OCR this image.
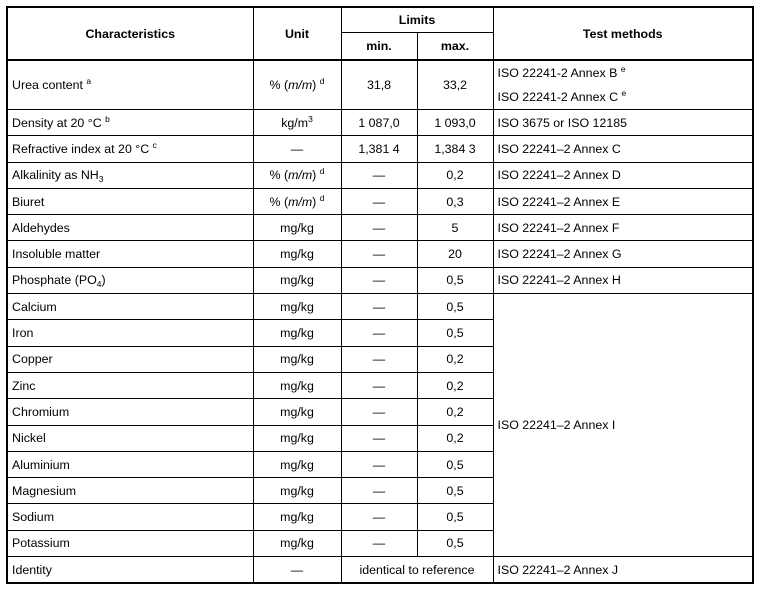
Characteristics	Unit	Limits		Test methods
		min.	max.	
Urea content $^a$	% (m/m) $^d$	31,8	33,2	ISO 22241-2 Annex B $^e$
ISO 22241-2 Annex C $^e$

Density at 20 °C $^b$	$kg/m^3$	1 087,0	1 093,0	ISO 3675 or ISO 12185
Refractive index at 20 °C $^c$	—	1,381 4	1,384 3	ISO 22241–2 Annex C
Alkalinity as $NH_3$	% (m/m) $^d$	—	0,2	ISO 22241–2 Annex D
Biuret	% (m/m) $^d$	—	0,3	ISO 22241–2 Annex E
Aldehydes	mg/kg	—	5	ISO 22241–2 Annex F
Insoluble matter	mg/kg	—	20	ISO 22241–2 Annex G
Phosphate $(PO_4)$	mg/kg	—	0,5	ISO 22241–2 Annex H
Calcium	mg/kg	—	0,5	ISO 22241–2 Annex I
Iron	mg/kg	—	0,5	
Copper	mg/kg	—	0,2	
Zinc	mg/kg	—	0,2	
Chromium	mg/kg	—	0,2	
Nickel	mg/kg	—	0,2	
Aluminium	mg/kg	—	0,5	
Magnesium	mg/kg	—	0,5	
Sodium	mg/kg	—	0,5	
Potassium	mg/kg	—	0,5	
Identity	—	identical to reference		ISO 22241–2 Annex J
